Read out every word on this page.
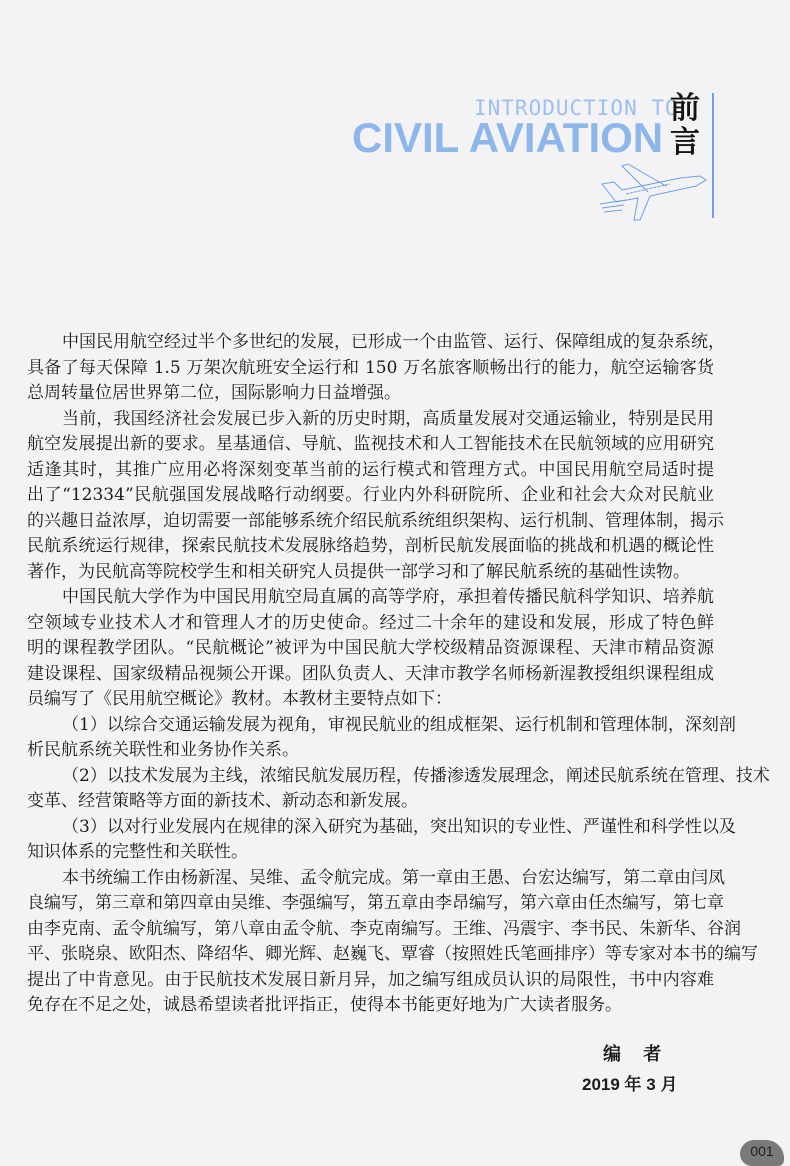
INTRODUCTION TO
CIVIL AVIATION
前
言
中国民用航空经过半个多世纪的发展，已形成一个由监管、运行、保障组成的复杂系统，
具备了每天保障 1.5 万架次航班安全运行和 150 万名旅客顺畅出行的能力，航空运输客货
总周转量位居世界第二位，国际影响力日益增强。
当前，我国经济社会发展已步入新的历史时期，高质量发展对交通运输业，特别是民用
航空发展提出新的要求。星基通信、导航、监视技术和人工智能技术在民航领域的应用研究
适逢其时，其推广应用必将深刻变革当前的运行模式和管理方式。中国民用航空局适时提
出了“12334”民航强国发展战略行动纲要。行业内外科研院所、企业和社会大众对民航业
的兴趣日益浓厚，迫切需要一部能够系统介绍民航系统组织架构、运行机制、管理体制，揭示
民航系统运行规律，探索民航技术发展脉络趋势，剖析民航发展面临的挑战和机遇的概论性
著作，为民航高等院校学生和相关研究人员提供一部学习和了解民航系统的基础性读物。
中国民航大学作为中国民用航空局直属的高等学府，承担着传播民航科学知识、培养航
空领域专业技术人才和管理人才的历史使命。经过二十余年的建设和发展，形成了特色鲜
明的课程教学团队。“民航概论”被评为中国民航大学校级精品资源课程、天津市精品资源
建设课程、国家级精品视频公开课。团队负责人、天津市教学名师杨新湦教授组织课程组成
员编写了《民用航空概论》教材。本教材主要特点如下：
（1）以综合交通运输发展为视角，审视民航业的组成框架、运行机制和管理体制，深刻剖
析民航系统关联性和业务协作关系。
（2）以技术发展为主线，浓缩民航发展历程，传播渗透发展理念，阐述民航系统在管理、技术
变革、经营策略等方面的新技术、新动态和新发展。
（3）以对行业发展内在规律的深入研究为基础，突出知识的专业性、严谨性和科学性以及
知识体系的完整性和关联性。
本书统编工作由杨新湦、吴维、孟令航完成。第一章由王愚、台宏达编写，第二章由闫凤
良编写，第三章和第四章由吴维、李强编写，第五章由李昂编写，第六章由任杰编写，第七章
由李克南、孟令航编写，第八章由孟令航、李克南编写。王维、冯震宇、李书民、朱新华、谷润
平、张晓泉、欧阳杰、降绍华、卿光辉、赵巍飞、覃睿（按照姓氏笔画排序）等专家对本书的编写
提出了中肯意见。由于民航技术发展日新月异，加之编写组成员认识的局限性，书中内容难
免存在不足之处，诚恳希望读者批评指正，使得本书能更好地为广大读者服务。
编 者
2019 年 3 月
001
